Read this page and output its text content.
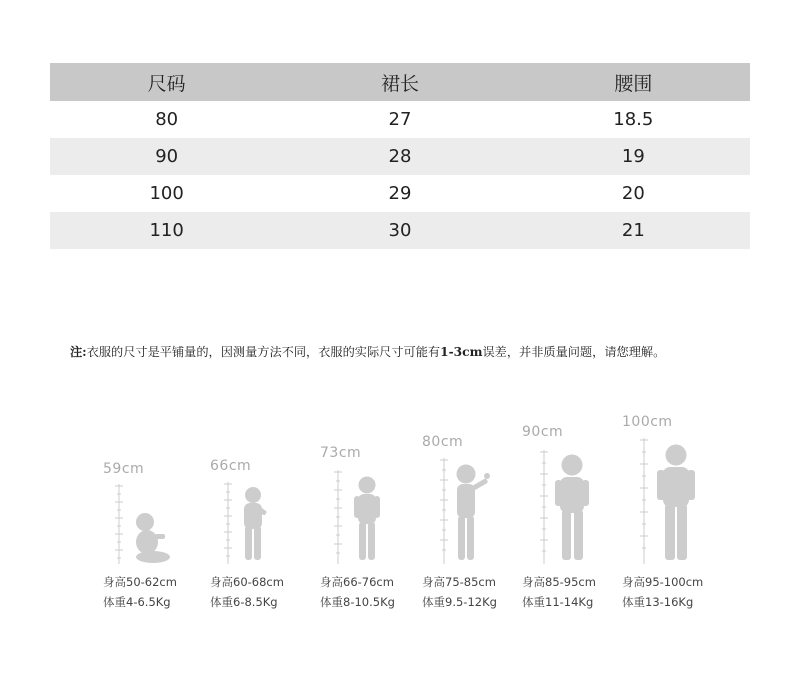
尺码	裙长	腰围
80	27	18.5
90	28	19
100	29	20
110	30	21
注:衣服的尺寸是平铺量的，因测量方法不同，衣服的实际尺寸可能有1-3cm误差，并非质量问题，请您理解。
59cm
身高50-62cm
体重4-6.5Kg
66cm
身高60-68cm
体重6-8.5Kg
73cm
身高66-76cm
体重8-10.5Kg
80cm
身高75-85cm
体重9.5-12Kg
90cm
身高85-95cm
体重11-14Kg
100cm
身高95-100cm
体重13-16Kg
